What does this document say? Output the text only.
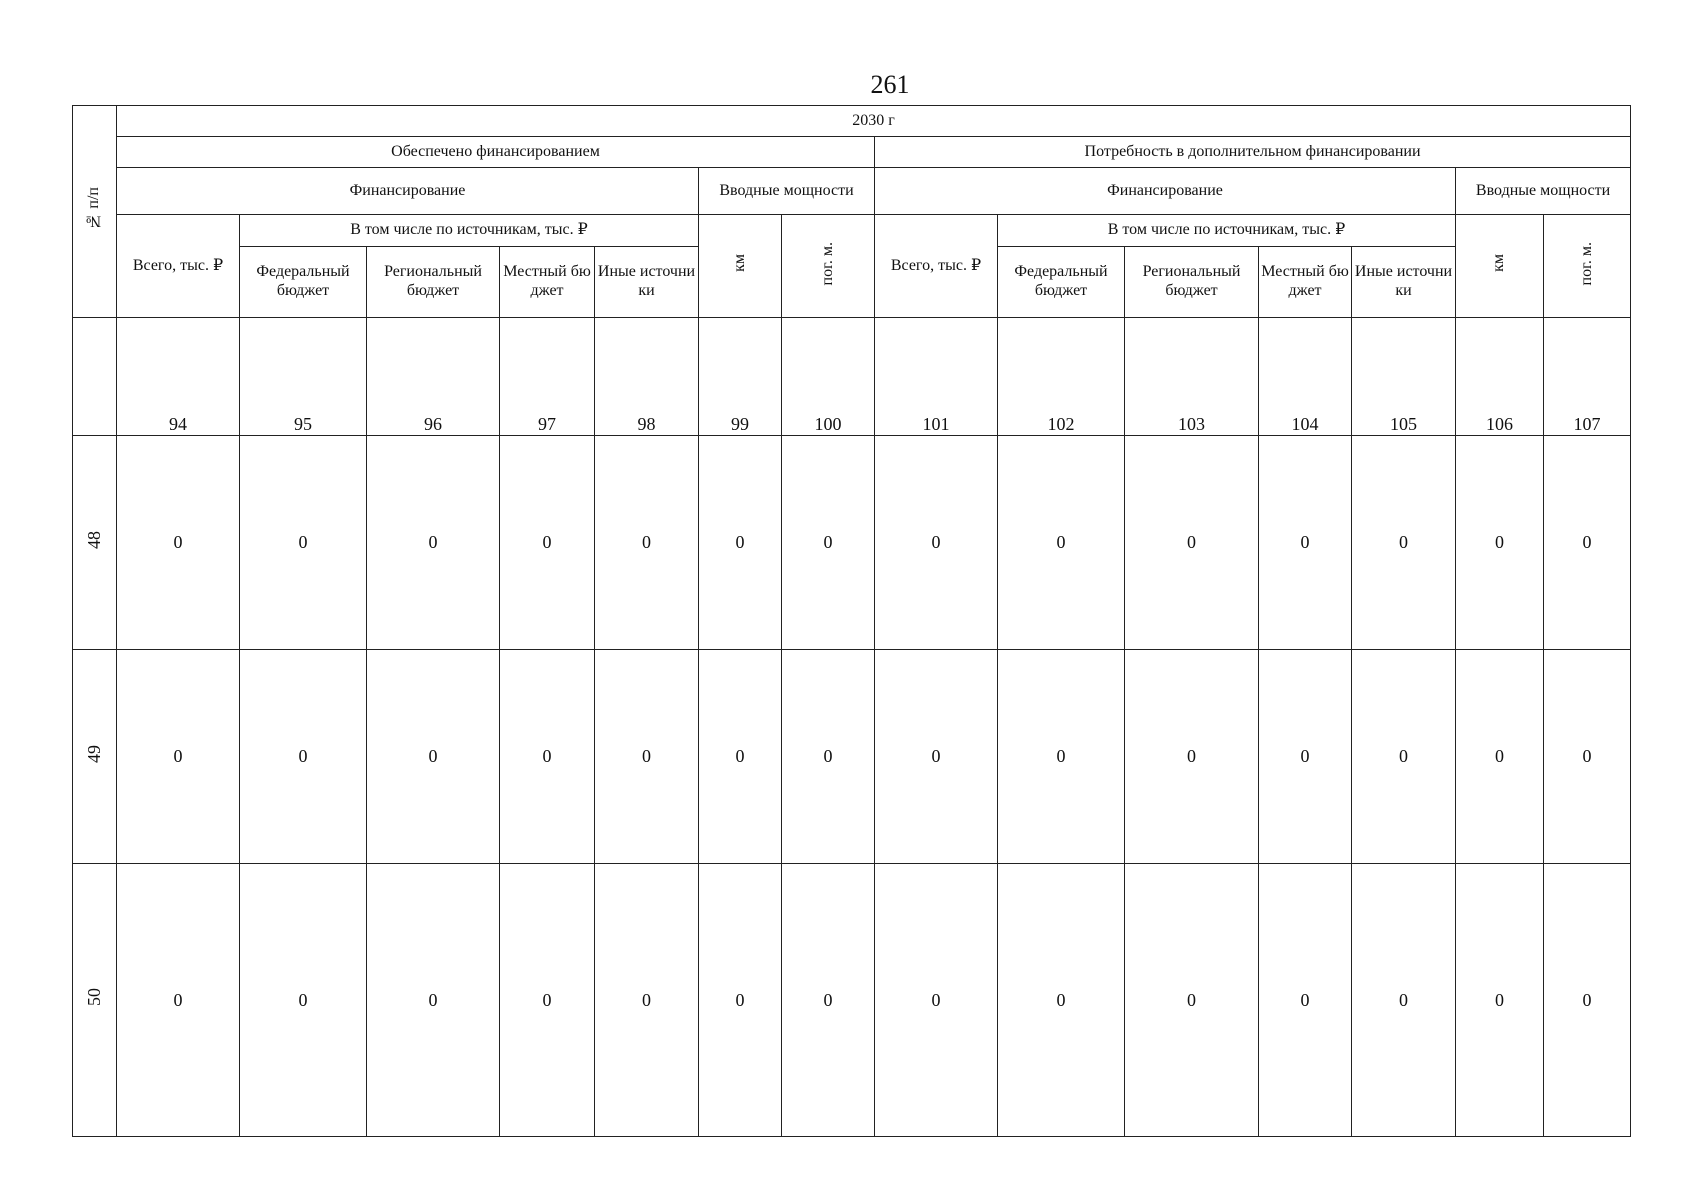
261
№ п/п	2030 г													
	Обеспечено финансированием							Потребность в дополнительном финансировании						
	Финансирование					Вводные мощности		Финансирование					Вводные мощности	
	Всего, тыс. ₽	В том числе по источникам, тыс. ₽				км	пог. м.	Всего, тыс. ₽	В том числе по источникам, тыс. ₽				км	пог. м.
		Федеральный бюджет	Региональный бюджет	Местный бюджет	Иные источники				Федеральный бюджет	Региональный бюджет	Местный бюджет	Иные источники		

	94	95	96	97	98	99	100	101	102	103	104	105	106	107
48	0	0	0	0	0	0	0	0	0	0	0	0	0	0
49	0	0	0	0	0	0	0	0	0	0	0	0	0	0
50	0	0	0	0	0	0	0	0	0	0	0	0	0	0
